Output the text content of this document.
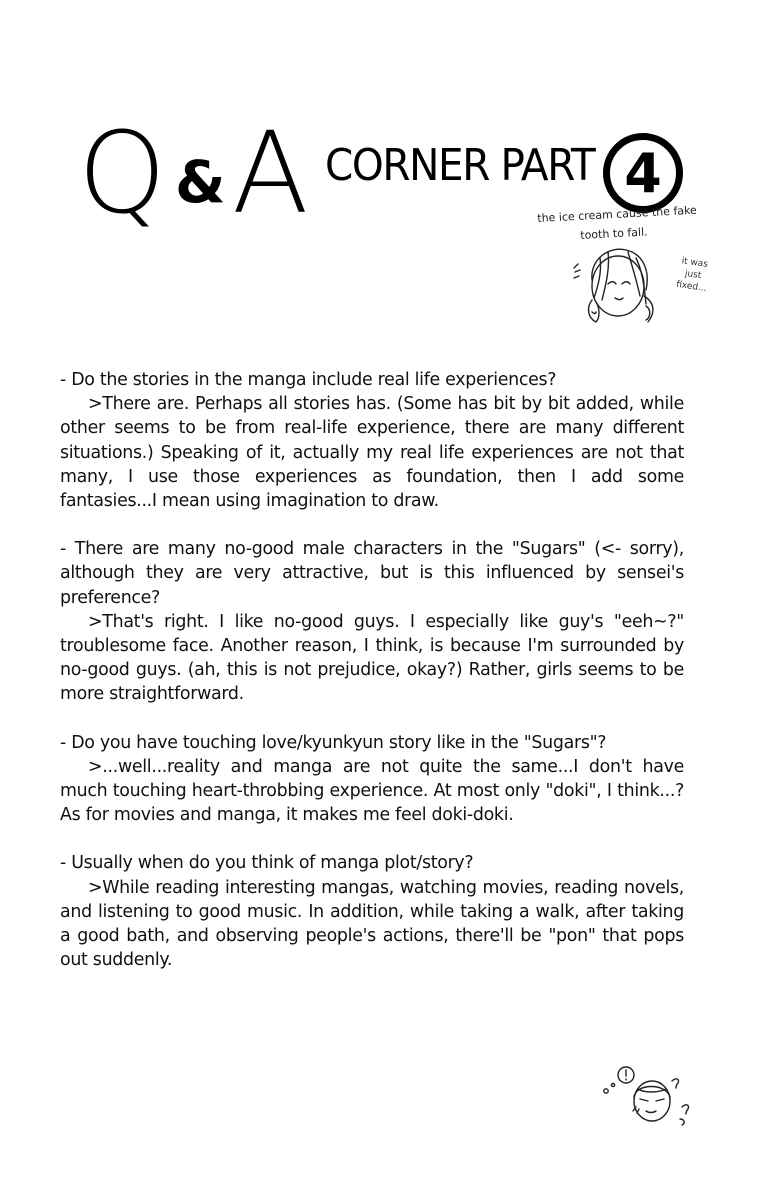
Q & A CORNER PART 4
the ice cream cause the fake
tooth to fall.
it was just fixed...

- Do the stories in the manga include real life experiences?

>There are. Perhaps all stories has. (Some has bit by bit added, while other seems to be from real-life experience, there are many different situations.) Speaking of it, actually my real life experiences are not that many, I use those experiences as foundation, then I add some fantasies...I mean using imagination to draw.

- There are many no-good male characters in the "Sugars" (<- sorry), although they are very attractive, but is this influenced by sensei's preference?

>That's right. I like no-good guys. I especially like guy's "eeh~?" troublesome face. Another reason, I think, is because I'm surrounded by no-good guys. (ah, this is not prejudice, okay?) Rather, girls seems to be more straightforward.

- Do you have touching love/kyunkyun story like in the "Sugars"?

>...well...reality and manga are not quite the same...I don't have much touching heart-throbbing experience. At most only "doki", I think...? As for movies and manga, it makes me feel doki-doki.

- Usually when do you think of manga plot/story?

>While reading interesting mangas, watching movies, reading novels, and listening to good music. In addition, while taking a walk, after taking a good bath, and observing people's actions, there'll be "pon" that pops out suddenly.
